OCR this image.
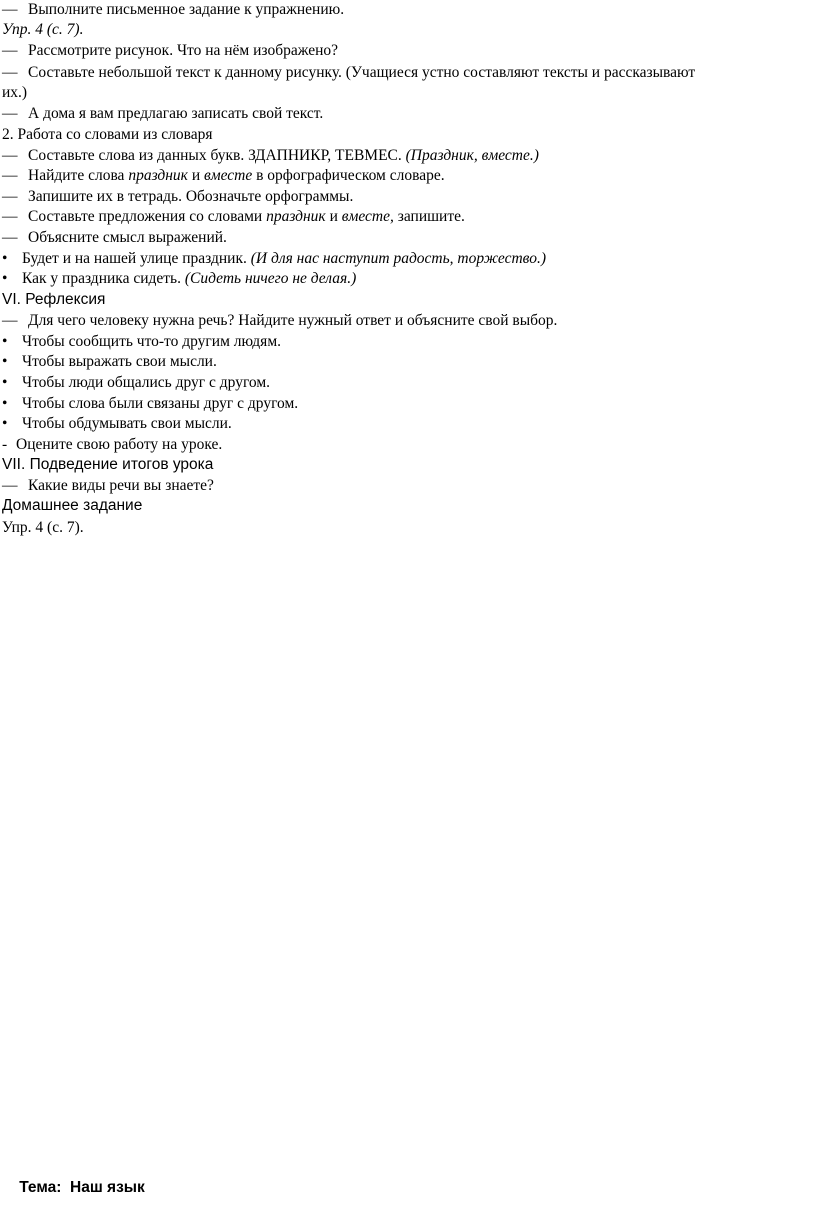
— Выполните письменное задание к упражнению.
Упр. 4 (с. 7).
— Рассмотрите рисунок. Что на нём изображено?
— Составьте небольшой текст к данному рисунку. (Учащиеся устно составляют тексты и рассказывают
их.)
— А дома я вам предлагаю записать свой текст.
2. Работа со словами из словаря
— Составьте слова из данных букв. ЗДАПНИКР, ТЕВМЕС. (Праздник, вместе.)
— Найдите слова праздник и вместе в орфографическом словаре.
— Запишите их в тетрадь. Обозначьте орфограммы.
— Составьте предложения со словами праздник и вместе, запишите.
— Объясните смысл выражений.
• Будет и на нашей улице праздник. (И для нас наступит радость, торжество.)
• Как у праздника сидеть. (Сидеть ничего не делая.)
VI. Рефлексия
— Для чего человеку нужна речь? Найдите нужный ответ и объясните свой выбор.
• Чтобы сообщить что-то другим людям.
• Чтобы выражать свои мысли.
• Чтобы люди общались друг с другом.
• Чтобы слова были связаны друг с другом.
• Чтобы обдумывать свои мысли.
- Оцените свою работу на уроке.
VII. Подведение итогов урока
— Какие виды речи вы знаете?
Домашнее задание
Упр. 4 (с. 7).

Тема:  Наш язык
